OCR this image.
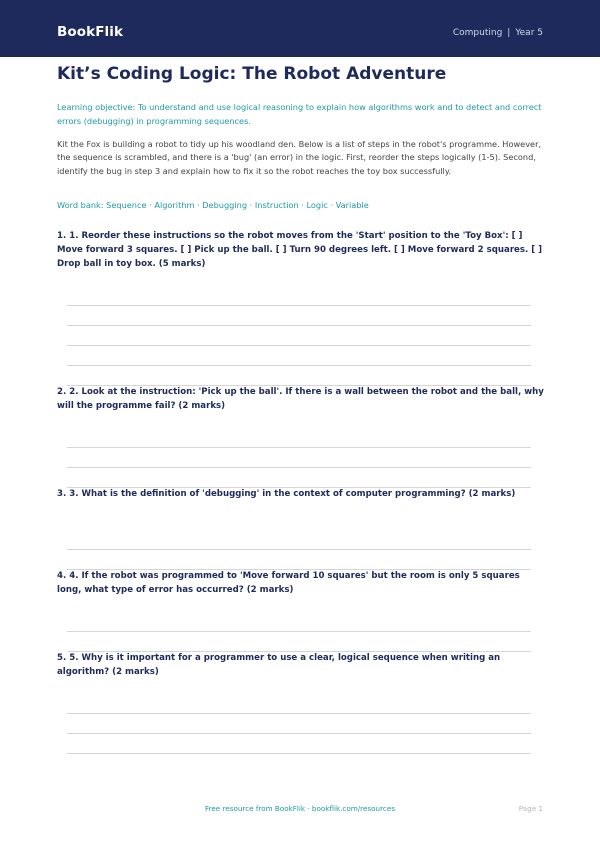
BookFlik	Computing | Year 5
Kit’s Coding Logic: The Robot Adventure

Learning objective: To understand and use logical reasoning to explain how algorithms work and to detect and correct errors (debugging) in programming sequences.

Kit the Fox is building a robot to tidy up his woodland den. Below is a list of steps in the robot's programme. However, the sequence is scrambled, and there is a 'bug' (an error) in the logic. First, reorder the steps logically (1-5). Second, identify the bug in step 3 and explain how to fix it so the robot reaches the toy box successfully.

Word bank: Sequence · Algorithm · Debugging · Instruction · Logic · Variable

1. 1. Reorder these instructions so the robot moves from the 'Start' position to the 'Toy Box': [ ] Move forward 3 squares. [ ] Pick up the ball. [ ] Turn 90 degrees left. [ ] Move forward 2 squares. [ ] Drop ball in toy box. (5 marks)

2. 2. Look at the instruction: 'Pick up the ball'. If there is a wall between the robot and the ball, why will the programme fail? (2 marks)

3. 3. What is the definition of 'debugging' in the context of computer programming? (2 marks)

4. 4. If the robot was programmed to 'Move forward 10 squares' but the room is only 5 squares long, what type of error has occurred? (2 marks)

5. 5. Why is it important for a programmer to use a clear, logical sequence when writing an algorithm? (2 marks)

Free resource from BookFlik · bookflik.com/resources	Page 1
